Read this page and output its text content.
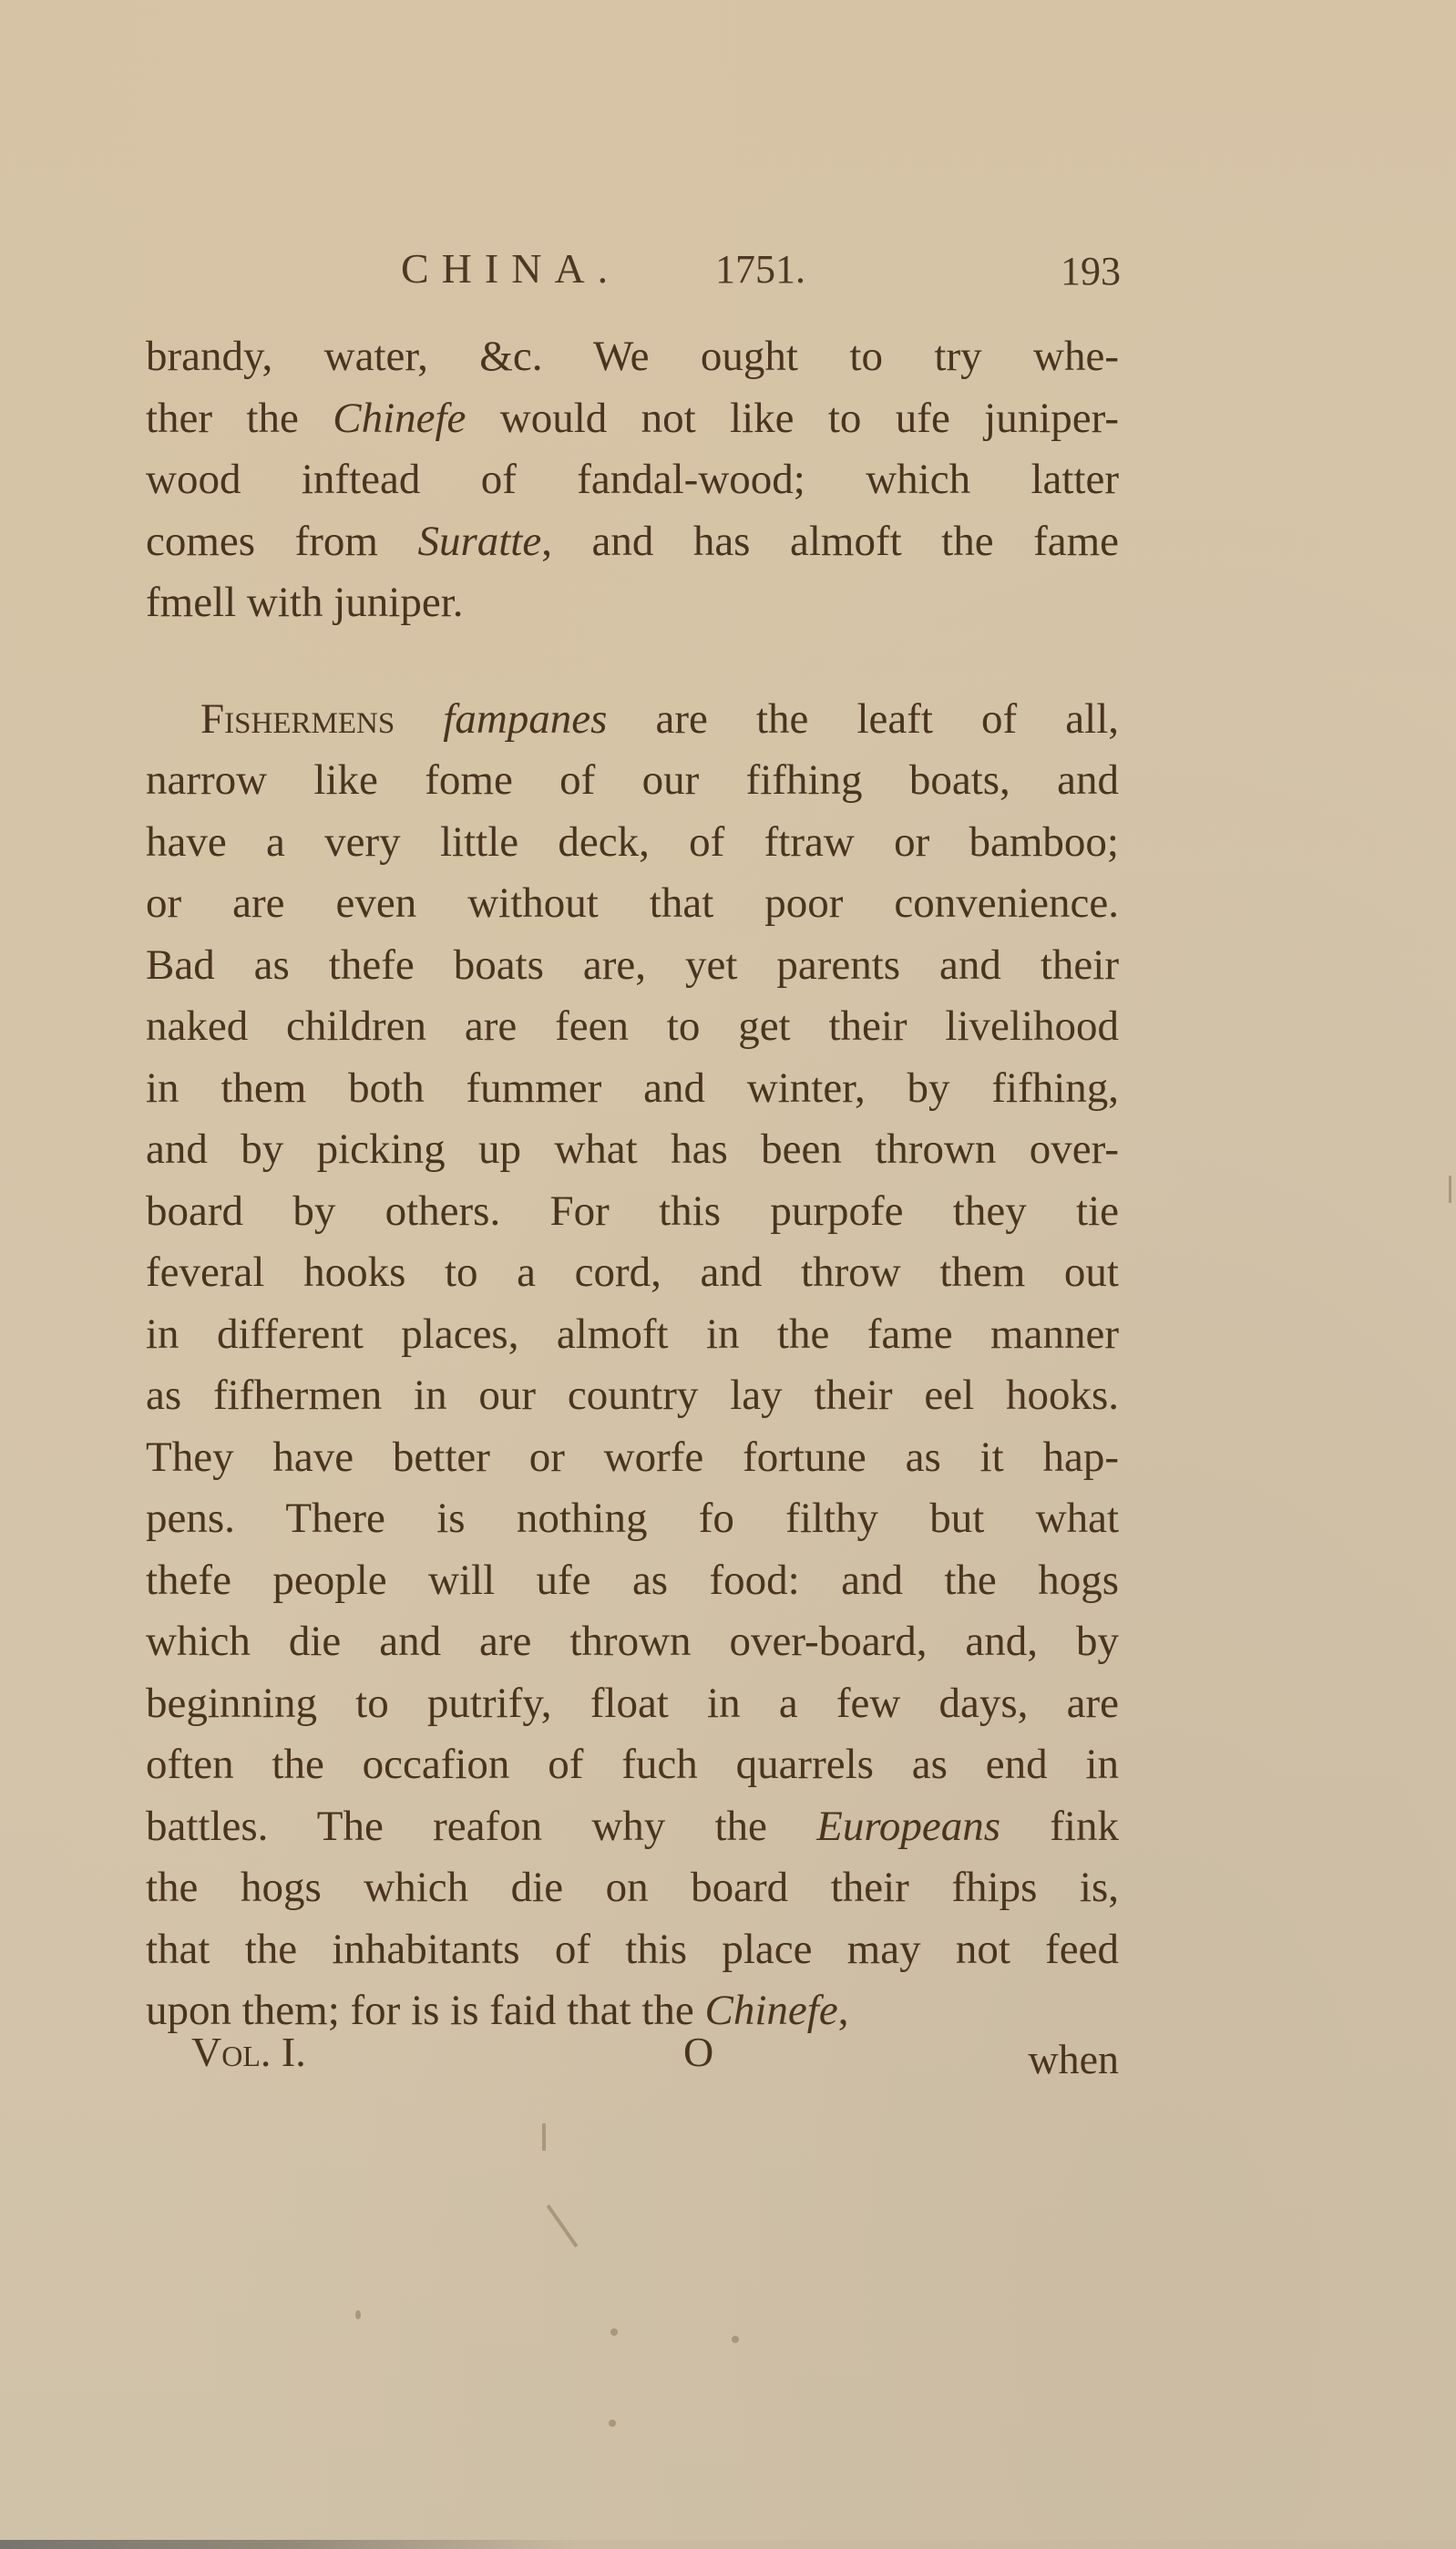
CHINA. 1751.	193
brandy, water, &c. We ought to try whe-
ther the Chinefe would not like to ufe juniper-
wood inftead of fandal-wood; which latter
comes from Suratte, and has almoft the fame
fmell with juniper.
Fishermens fampanes are the leaft of all,
narrow like fome of our fifhing boats, and
have a very little deck, of ftraw or bamboo;
or are even without that poor convenience.
Bad as thefe boats are, yet parents and their
naked children are feen to get their livelihood
in them both fummer and winter, by fifhing,
and by picking up what has been thrown over-
board by others. For this purpofe they tie
feveral hooks to a cord, and throw them out
in different places, almoft in the fame manner
as fifhermen in our country lay their eel hooks.
They have better or worfe fortune as it hap-
pens. There is nothing fo filthy but what
thefe people will ufe as food: and the hogs
which die and are thrown over-board, and, by
beginning to putrify, float in a few days, are
often the occafion of fuch quarrels as end in
battles. The reafon why the Europeans fink
the hogs which die on board their fhips is,
that the inhabitants of this place may not feed
upon them; for is is faid that the Chinefe,
Vol. I.	O	when
